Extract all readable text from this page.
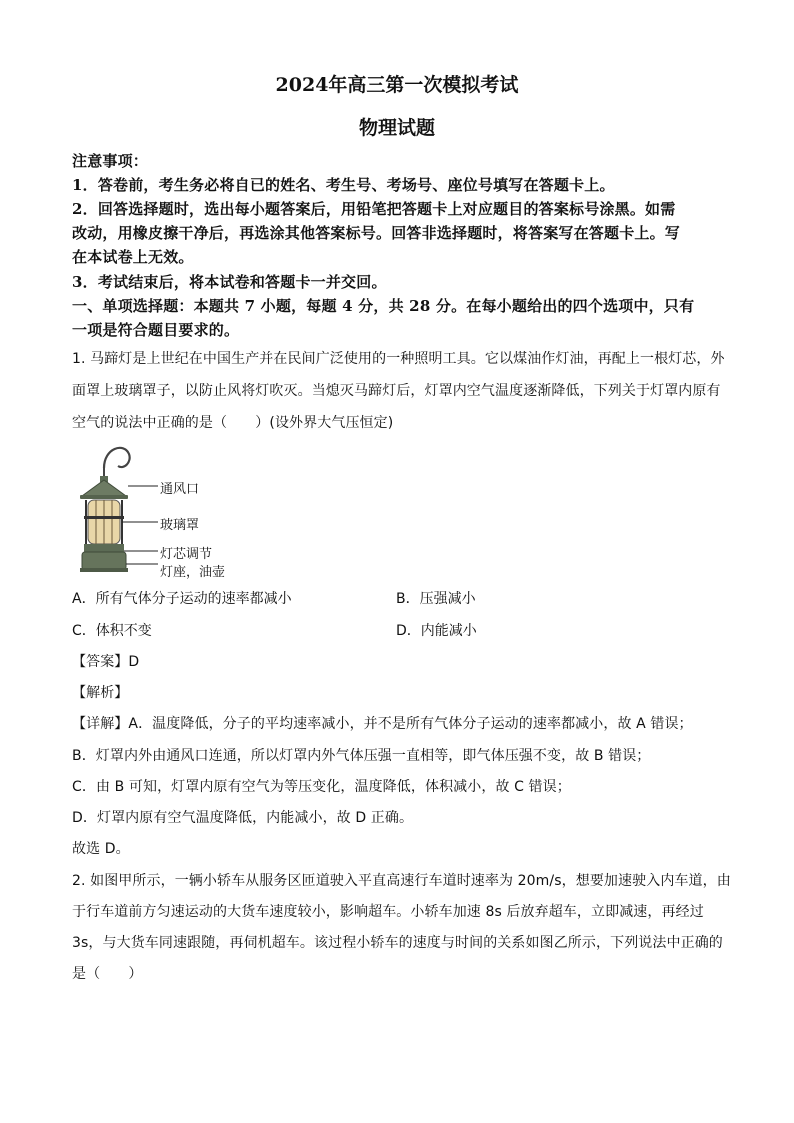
2024年高三第一次模拟考试
物理试题
注意事项：
1．答卷前，考生务必将自已的姓名、考生号、考场号、座位号填写在答题卡上。
2．回答选择题时，选出每小题答案后，用铅笔把答题卡上对应题目的答案标号涂黑。如需
改动，用橡皮擦干净后，再选涂其他答案标号。回答非选择题时，将答案写在答题卡上。写
在本试卷上无效。
3．考试结束后，将本试卷和答题卡一并交回。
一、单项选择题：本题共 7 小题，每题 4 分，共 28 分。在每小题给出的四个选项中，只有
一项是符合题目要求的。
1. 马蹄灯是上世纪在中国生产并在民间广泛使用的一种照明工具。它以煤油作灯油，再配上一根灯芯，外
面罩上玻璃罩子，以防止风将灯吹灭。当熄灭马蹄灯后，灯罩内空气温度逐渐降低，下列关于灯罩内原有
空气的说法中正确的是（　　）(设外界大气压恒定)
通风口
玻璃罩
灯芯调节
灯座，油壶
A．所有气体分子运动的速率都减小	B．压强减小
C．体积不变	D．内能减小
【答案】D
【解析】
【详解】A．温度降低，分子的平均速率减小，并不是所有气体分子运动的速率都减小，故 A 错误；
B．灯罩内外由通风口连通，所以灯罩内外气体压强一直相等，即气体压强不变，故 B 错误；
C．由 B 可知，灯罩内原有空气为等压变化，温度降低，体积减小，故 C 错误；
D．灯罩内原有空气温度降低，内能减小，故 D 正确。
故选 D。
2. 如图甲所示，一辆小轿车从服务区匝道驶入平直高速行车道时速率为 20m/s，想要加速驶入内车道，由
于行车道前方匀速运动的大货车速度较小，影响超车。小轿车加速 8s 后放弃超车，立即减速，再经过
3s，与大货车同速跟随，再伺机超车。该过程小轿车的速度与时间的关系如图乙所示，下列说法中正确的
是（　　）
